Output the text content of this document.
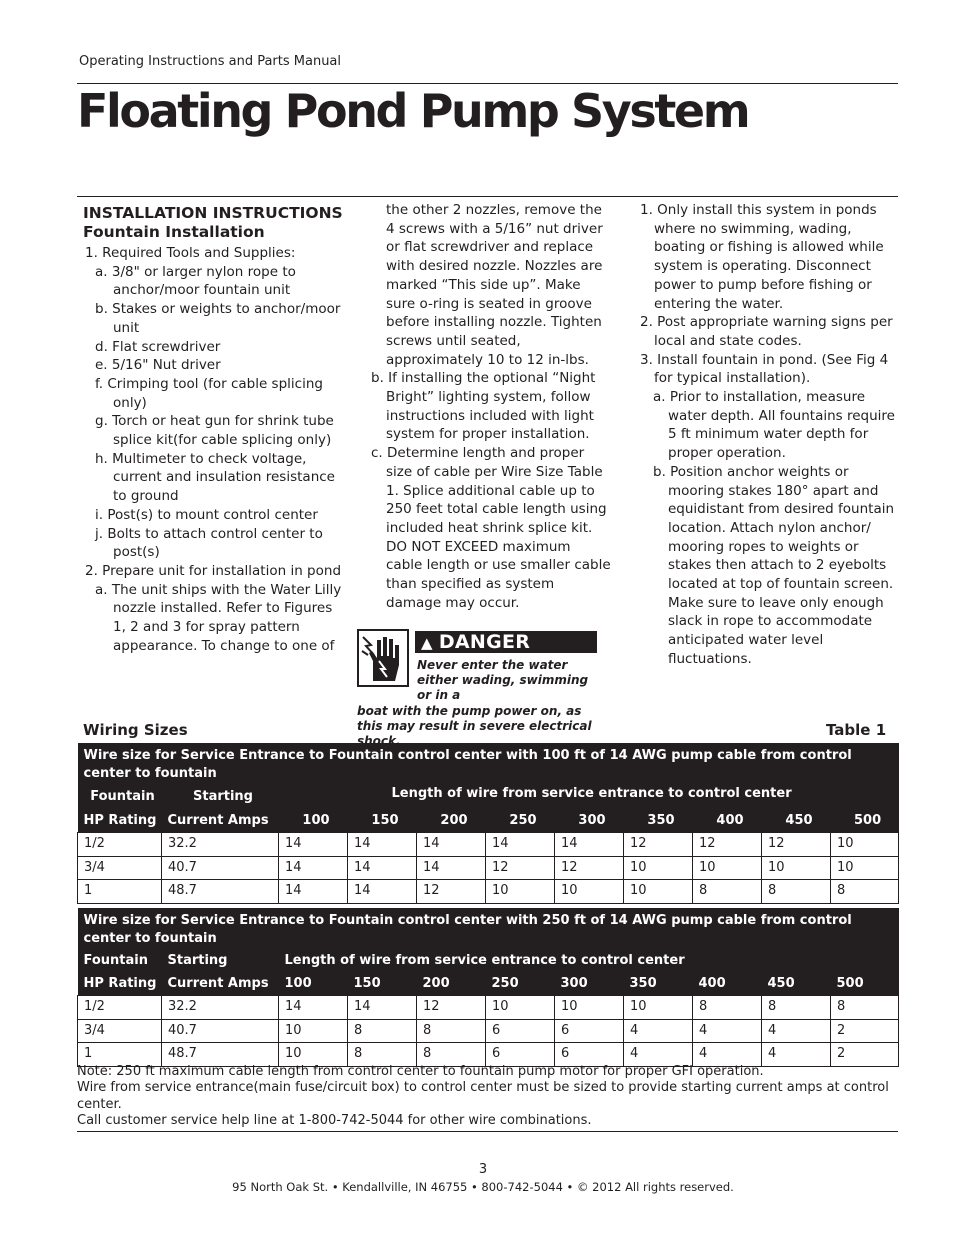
Operating Instructions and Parts Manual
Floating Pond Pump System

INSTALLATION INSTRUCTIONS

Fountain Installation

1. Required Tools and Supplies:

a. 3/8" or larger nylon rope to anchor/moor fountain unit

b. Stakes or weights to anchor/moor unit

d. Flat screwdriver

e. 5/16" Nut driver

f. Crimping tool (for cable splicing only)

g. Torch or heat gun for shrink tube splice kit(for cable splicing only)

h. Multimeter to check voltage, current and insulation resistance to ground

i. Post(s) to mount control center

j. Bolts to attach control center to post(s)

2. Prepare unit for installation in pond

a. The unit ships with the Water Lilly nozzle installed. Refer to Figures 1, 2 and 3 for spray pattern appearance. To change to one of

the other 2 nozzles, remove the 4 screws with a 5/16” nut driver or flat screwdriver and replace with desired nozzle. Nozzles are marked “This side up”. Make sure o-ring is seated in groove before installing nozzle. Tighten screws until seated, approximately 10 to 12 in-lbs.

b. If installing the optional “Night Bright” lighting system, follow instructions included with light system for proper installation.

c. Determine length and proper size of cable per Wire Size Table 1. Splice additional cable up to 250 feet total cable length using included heat shrink splice kit. DO NOT EXCEED maximum cable length or use smaller cable than specified as system damage may occur.

▲ DANGER
Never enter the water either wading, swimming or in a
boat with the pump power on, as this may result in severe electrical shock.

1. Only install this system in ponds where no swimming, wading, boating or fishing is allowed while system is operating. Disconnect power to pump before fishing or entering the water.

2. Post appropriate warning signs per local and state codes.

3. Install fountain in pond. (See Fig 4 for typical installation).

a. Prior to installation, measure water depth. All fountains require 5 ft minimum water depth for proper operation.

b. Position anchor weights or mooring stakes 180° apart and equidistant from desired fountain location. Attach nylon anchor/ mooring ropes to weights or stakes then attach to 2 eyebolts located at top of fountain screen. Make sure to leave only enough slack in rope to accommodate anticipated water level fluctuations.

Wiring Sizes	Table 1
Wire size for Service Entrance to Fountain control center with 100 ft of 14 AWG pump cable from control center to fountain										
Fountain	Starting	Length of wire from service entrance to control center								
HP Rating	Current Amps	100	150	200	250	300	350	400	450	500
1/2	32.2	14	14	14	14	14	12	12	12	10
3/4	40.7	14	14	14	12	12	10	10	10	10
1	48.7	14	14	12	10	10	10	8	8	8
Wire size for Service Entrance to Fountain control center with 250 ft of 14 AWG pump cable from control center to fountain										
Fountain	Starting	Length of wire from service entrance to control center								
HP Rating	Current Amps	100	150	200	250	300	350	400	450	500
1/2	32.2	14	14	12	10	10	10	8	8	8
3/4	40.7	10	8	8	6	6	4	4	4	2
1	48.7	10	8	8	6	6	4	4	4	2
Note: 250 ft maximum cable length from control center to fountain pump motor for proper GFI operation.
Wire from service entrance(main fuse/circuit box) to control center must be sized to provide starting current amps at control center.
Call customer service help line at 1-800-742-5044 for other wire combinations.
3
95 North Oak St. • Kendallville, IN 46755 • 800-742-5044 • © 2012 All rights reserved.
